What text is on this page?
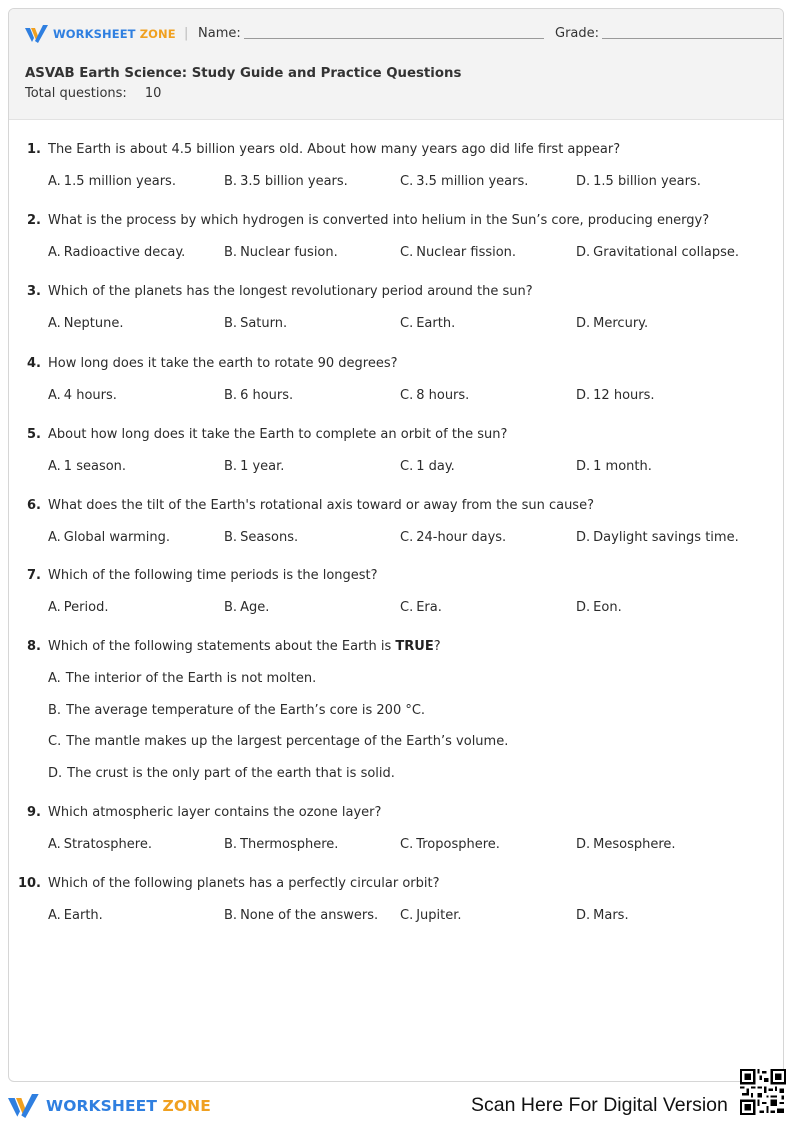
WORKSHEET ZONE | Name:	Grade:
ASVAB Earth Science: Study Guide and Practice Questions
Total questions: 10
1. The Earth is about 4.5 billion years old. About how many years ago did life first appear?
A. 1.5 million years.	B. 3.5 billion years.	C. 3.5 million years.	D. 1.5 billion years.
2. What is the process by which hydrogen is converted into helium in the Sun’s core, producing energy?
A. Radioactive decay.	B. Nuclear fusion.	C. Nuclear fission.	D. Gravitational collapse.
3. Which of the planets has the longest revolutionary period around the sun?
A. Neptune.	B. Saturn.	C. Earth.	D. Mercury.
4. How long does it take the earth to rotate 90 degrees?
A. 4 hours.	B. 6 hours.	C. 8 hours.	D. 12 hours.
5. About how long does it take the Earth to complete an orbit of the sun?
A. 1 season.	B. 1 year.	C. 1 day.	D. 1 month.
6. What does the tilt of the Earth's rotational axis toward or away from the sun cause?
A. Global warming.	B. Seasons.	C. 24-hour days.	D. Daylight savings time.
7. Which of the following time periods is the longest?
A. Period.	B. Age.	C. Era.	D. Eon.
8. Which of the following statements about the Earth is TRUE?
A. The interior of the Earth is not molten.
B. The average temperature of the Earth’s core is 200 °C.
C. The mantle makes up the largest percentage of the Earth’s volume.
D. The crust is the only part of the earth that is solid.
9. Which atmospheric layer contains the ozone layer?
A. Stratosphere.	B. Thermosphere.	C. Troposphere.	D. Mesosphere.
10. Which of the following planets has a perfectly circular orbit?
A. Earth.	B. None of the answers. C. Jupiter.	D. Mars.
WORKSHEET ZONE	Scan Here For Digital Version
